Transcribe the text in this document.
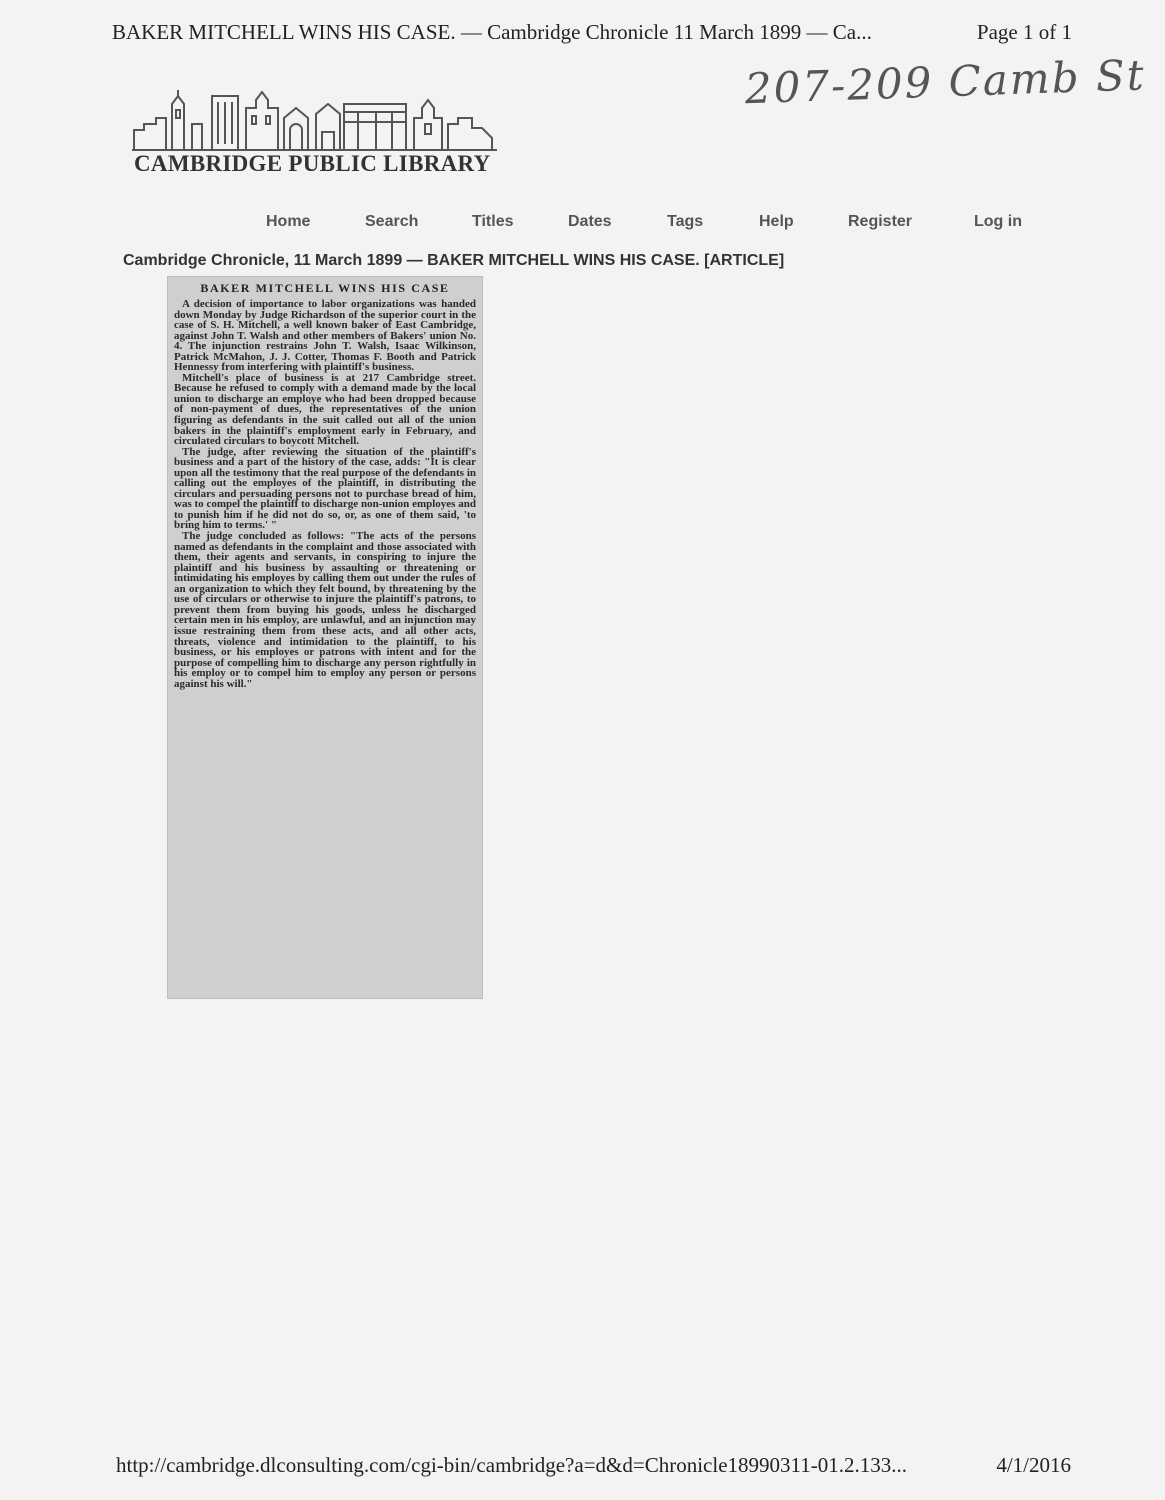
BAKER MITCHELL WINS HIS CASE. — Cambridge Chronicle 11 March 1899 — Ca...	Page 1 of 1
207-209 Camb St
CAMBRIDGE PUBLIC LIBRARY
Home	Search	Titles	Dates	Tags	Help	Register	Log in
Cambridge Chronicle, 11 March 1899 — BAKER MITCHELL WINS HIS CASE. [ARTICLE]
BAKER MITCHELL WINS HIS CASE

A decision of importance to labor organizations was handed down Monday by Judge Richardson of the superior court in the case of S. H. Mitchell, a well known baker of East Cambridge, against John T. Walsh and other members of Bakers' union No. 4. The injunction restrains John T. Walsh, Isaac Wilkinson, Patrick McMahon, J. J. Cotter, Thomas F. Booth and Patrick Hennessy from interfering with plaintiff's business.

Mitchell's place of business is at 217 Cambridge street. Because he refused to comply with a demand made by the local union to discharge an employe who had been dropped because of non-payment of dues, the representatives of the union figuring as defendants in the suit called out all of the union bakers in the plaintiff's employment early in February, and circulated circulars to boycott Mitchell.

The judge, after reviewing the situation of the plaintiff's business and a part of the history of the case, adds: "It is clear upon all the testimony that the real purpose of the defendants in calling out the employes of the plaintiff, in distributing the circulars and persuading persons not to purchase bread of him, was to compel the plaintiff to discharge non-union employes and to punish him if he did not do so, or, as one of them said, 'to bring him to terms.' "

The judge concluded as follows: "The acts of the persons named as defendants in the complaint and those associated with them, their agents and servants, in conspiring to injure the plaintiff and his business by assaulting or threatening or intimidating his employes by calling them out under the rules of an organization to which they felt bound, by threatening by the use of circulars or otherwise to injure the plaintiff's patrons, to prevent them from buying his goods, unless he discharged certain men in his employ, are unlawful, and an injunction may issue restraining them from these acts, and all other acts, threats, violence and intimidation to the plaintiff, to his business, or his employes or patrons with intent and for the purpose of compelling him to discharge any person rightfully in his employ or to compel him to employ any person or persons against his will."

http://cambridge.dlconsulting.com/cgi-bin/cambridge?a=d&d=Chronicle18990311-01.2.133...	4/1/2016
